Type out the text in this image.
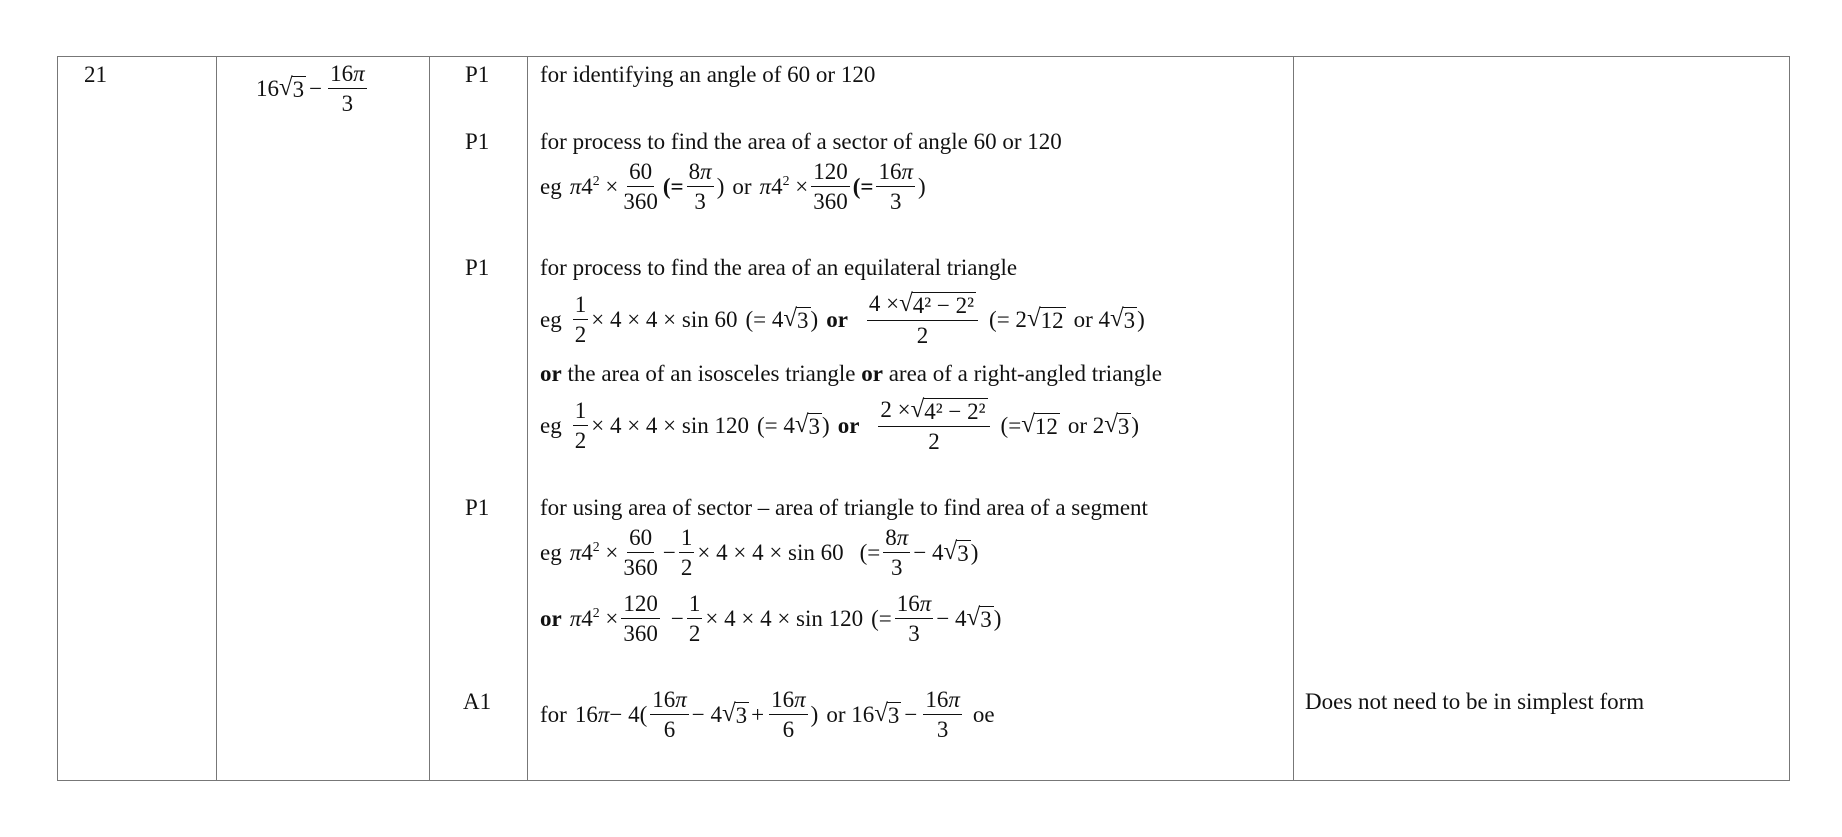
21
16 √ $3 - \frac{16\pi}{3}$	P1
P1
P1
P1
A1
for identifying an angle of 60 or 120
for process to find the area of a sector of angle 60 or 120
eg π $4^2 \times \frac{60}{360}$ (= $\frac{8\pi}{3}$ ) or π $4^2 \times \frac{120}{360}$ (= $\frac{16\pi}{3}$ )
for process to find the area of an equilateral triangle
eg $\frac{1}{2} \times 4 \times 4 \times \sin 60$ (= 4 √ 3 ) or $\frac{\text{4 × √ 4² − 2²}}{2}$ (= 2 √ 12 or 4 √ 3 )
or the area of an isosceles triangle or area of a right-angled triangle
eg $\frac{1}{2} \times 4 \times 4 \times \sin 120$ (= 4 √ 3 ) or $\frac{\text{2 × √ 4² − 2²}}{2}$ (= √ 12 or 2 √ 3 )
for using area of sector – area of triangle to find area of a segment
eg π $4^2 \times \frac{60}{360} - \frac{1}{2} \times 4 \times 4 \times \sin 60$ (= $\frac{8\pi}{3} - 4$ √ 3 )
or π $4^2 \times \frac{120}{360} - \frac{1}{2} \times 4 \times 4 \times \sin 120$ (= $\frac{16\pi}{3} - 4$ √ 3 )
for 16 $\pi - 4( \frac{16\pi}{6} - 4$ √ $3 + \frac{16\pi}{6}$ ) or 16 √ $3 - \frac{16\pi}{3}$ oe	Does not need to be in simplest form
